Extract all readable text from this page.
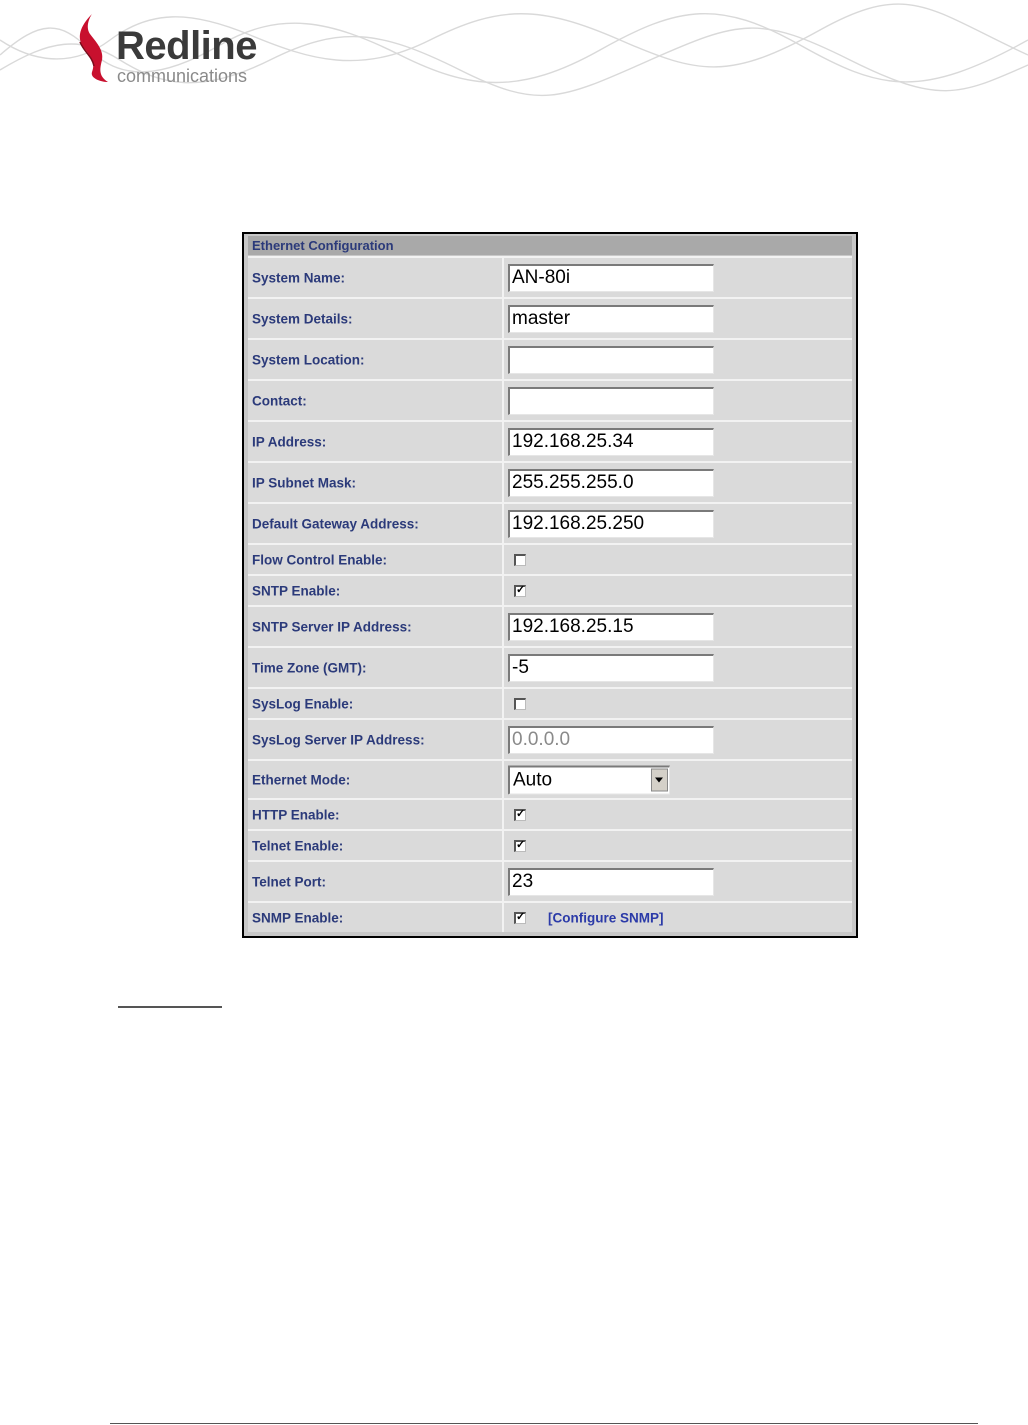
Redline
communications
Ethernet Configuration
System Name:
AN-80i
System Details:
master
System Location:
Contact:
IP Address:
192.168.25.34
IP Subnet Mask:
255.255.255.0
Default Gateway Address:
192.168.25.250
Flow Control Enable:
SNTP Enable:	✓
SNTP Server IP Address:
192.168.25.15
Time Zone (GMT):
-5
SysLog Enable:
SysLog Server IP Address:
0.0.0.0
Ethernet Mode:	Auto
HTTP Enable:	✓
Telnet Enable:	✓
Telnet Port:
23
SNMP Enable:	✓ [Configure SNMP]
